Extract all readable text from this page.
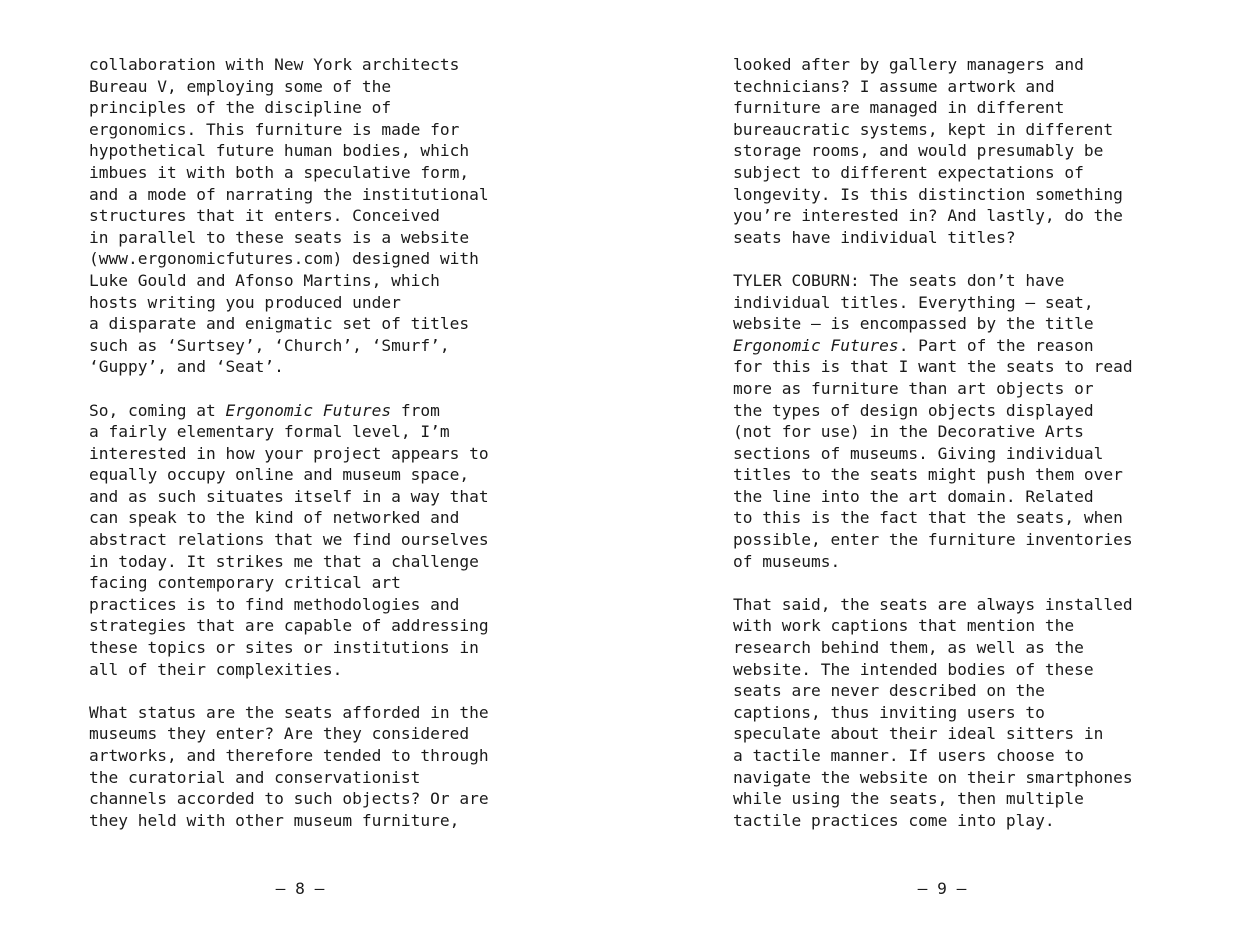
collaboration with New York architects
Bureau V, employing some of the
principles of the discipline of
ergonomics. This furniture is made for
hypothetical future human bodies, which
imbues it with both a speculative form,
and a mode of narrating the institutional
structures that it enters. Conceived
in parallel to these seats is a website
(www.ergonomicfutures.com) designed with
Luke Gould and Afonso Martins, which
hosts writing you produced under
a disparate and enigmatic set of titles
such as ‘Surtsey’, ‘Church’, ‘Smurf’,
‘Guppy’, and ‘Seat’.

So, coming at Ergonomic Futures from
a fairly elementary formal level, I’m
interested in how your project appears to
equally occupy online and museum space,
and as such situates itself in a way that
can speak to the kind of networked and
abstract relations that we find ourselves
in today. It strikes me that a challenge
facing contemporary critical art
practices is to find methodologies and
strategies that are capable of addressing
these topics or sites or institutions in
all of their complexities.

What status are the seats afforded in the
museums they enter? Are they considered
artworks, and therefore tended to through
the curatorial and conservationist
channels accorded to such objects? Or are
they held with other museum furniture,

— 8 —

looked after by gallery managers and
technicians? I assume artwork and
furniture are managed in different
bureaucratic systems, kept in different
storage rooms, and would presumably be
subject to different expectations of
longevity. Is this distinction something
you’re interested in? And lastly, do the
seats have individual titles?

TYLER COBURN: The seats don’t have
individual titles. Everything — seat,
website — is encompassed by the title
Ergonomic Futures. Part of the reason
for this is that I want the seats to read
more as furniture than art objects or
the types of design objects displayed
(not for use) in the Decorative Arts
sections of museums. Giving individual
titles to the seats might push them over
the line into the art domain. Related
to this is the fact that the seats, when
possible, enter the furniture inventories
of museums.

That said, the seats are always installed
with work captions that mention the
research behind them, as well as the
website. The intended bodies of these
seats are never described on the
captions, thus inviting users to
speculate about their ideal sitters in
a tactile manner. If users choose to
navigate the website on their smartphones
while using the seats, then multiple
tactile practices come into play.

— 9 —
